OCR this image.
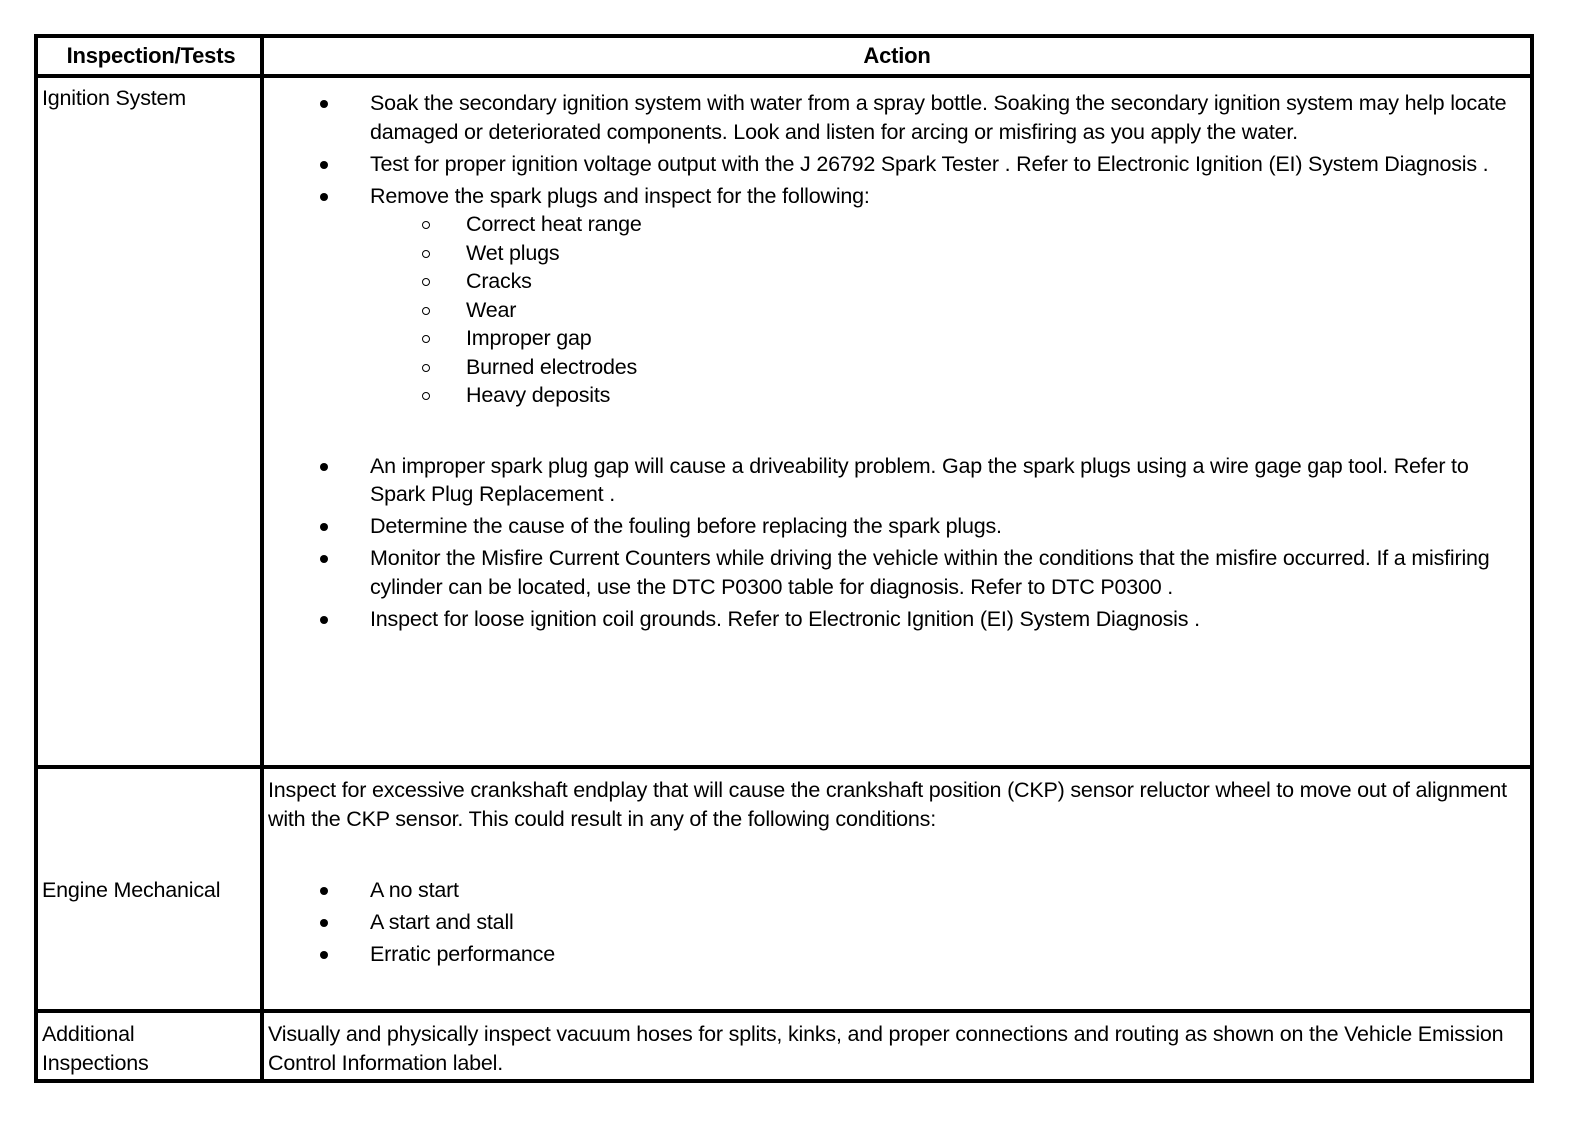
Inspection/Tests	Action
Ignition System	Soak the secondary ignition system with water from a spray bottle. Soaking the secondary ignition system may help locate damaged or deteriorated components. Look and listen for arcing or misfiring as you apply the water.
Test for proper ignition voltage output with the J 26792 Spark Tester . Refer to Electronic Ignition (EI) System Diagnosis .
Remove the spark plugs and inspect for the following:
Correct heat range
Wet plugs
Cracks
Wear
Improper gap
Burned electrodes
Heavy deposits
An improper spark plug gap will cause a driveability problem. Gap the spark plugs using a wire gage gap tool. Refer to Spark Plug Replacement .
Determine the cause of the fouling before replacing the spark plugs.
Monitor the Misfire Current Counters while driving the vehicle within the conditions that the misfire occurred. If a misfiring cylinder can be located, use the DTC P0300 table for diagnosis. Refer to DTC P0300 .
Inspect for loose ignition coil grounds. Refer to Electronic Ignition (EI) System Diagnosis .
Engine Mechanical
Inspect for excessive crankshaft endplay that will cause the crankshaft position (CKP) sensor reluctor wheel to move out of alignment with the CKP sensor. This could result in any of the following conditions:
A no start
A start and stall
Erratic performance
Additional Inspections
Visually and physically inspect vacuum hoses for splits, kinks, and proper connections and routing as shown on the Vehicle Emission Control Information label.
